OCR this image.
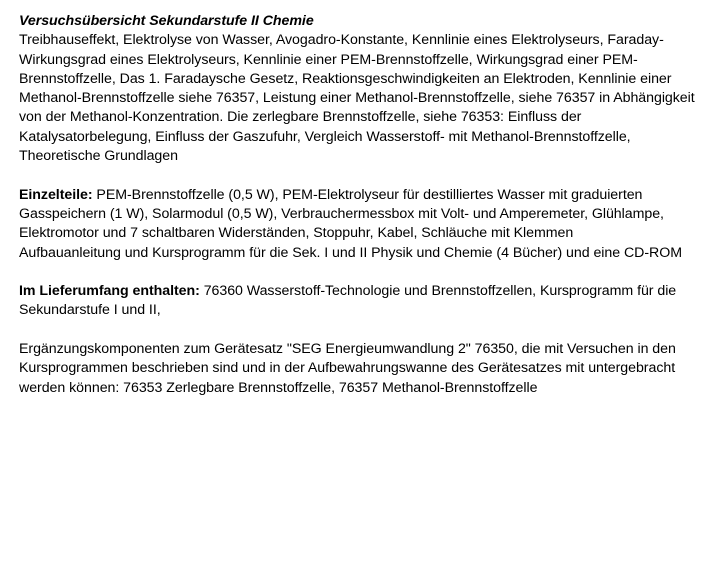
Versuchsübersicht Sekundarstufe II Chemie

Treibhauseffekt, Elektrolyse von Wasser, Avogadro-Konstante, Kennlinie eines Elektrolyseurs, Faraday-Wirkungsgrad eines Elektrolyseurs, Kennlinie einer PEM-Brennstoffzelle, Wirkungsgrad einer PEM-Brennstoffzelle, Das 1. Faradaysche Gesetz, Reaktionsgeschwindigkeiten an Elektroden, Kennlinie einer Methanol-Brennstoffzelle siehe 76357, Leistung einer Methanol-Brennstoffzelle, siehe 76357 in Abhängigkeit von der Methanol-Konzentration. Die zerlegbare Brennstoffzelle, siehe 76353: Einfluss der Katalysatorbelegung, Einfluss der Gaszufuhr, Vergleich Wasserstoff- mit Methanol-Brennstoffzelle, Theoretische Grundlagen

Einzelteile: PEM-Brennstoffzelle (0,5 W), PEM-Elektrolyseur für destilliertes Wasser mit graduierten Gasspeichern (1 W), Solarmodul (0,5 W), Verbrauchermessbox mit Volt- und Amperemeter, Glühlampe, Elektromotor und 7 schaltbaren Widerständen, Stoppuhr, Kabel, Schläuche mit Klemmen

Aufbauanleitung und Kursprogramm für die Sek. I und II Physik und Chemie (4 Bücher) und eine CD-ROM

Im Lieferumfang enthalten: 76360 Wasserstoff-Technologie und Brennstoffzellen, Kursprogramm für die Sekundarstufe I und II,

Ergänzungskomponenten zum Gerätesatz "SEG Energieumwandlung 2" 76350, die mit Versuchen in den Kursprogrammen beschrieben sind und in der Aufbewahrungswanne des Gerätesatzes mit untergebracht werden können: 76353 Zerlegbare Brennstoffzelle, 76357 Methanol-Brennstoffzelle
